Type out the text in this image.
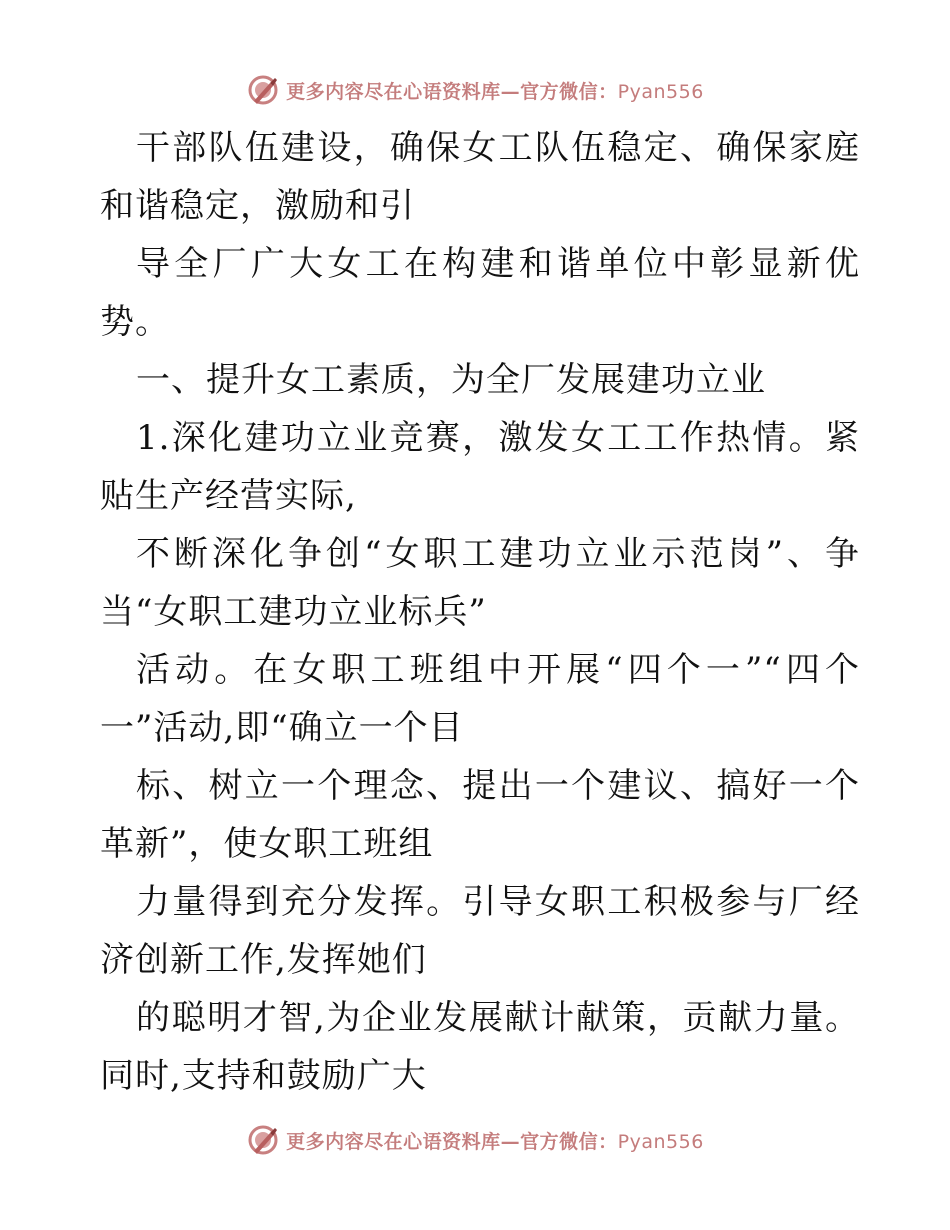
更多内容尽在心语资料库—官方微信：Pyan556

干部队伍建设，确保女工队伍稳定、确保家庭和谐稳定，激励和引

导全厂广大女工在构建和谐单位中彰显新优势。

一、提升女工素质，为全厂发展建功立业

1.深化建功立业竞赛，激发女工工作热情。紧贴生产经营实际,

不断深化争创“女职工建功立业示范岗”、争当“女职工建功立业标兵”

活动。在女职工班组中开展“四个一”“四个一”活动,即“确立一个目

标、树立一个理念、提出一个建议、搞好一个革新”，使女职工班组

力量得到充分发挥。引导女职工积极参与厂经济创新工作,发挥她们

的聪明才智,为企业发展献计献策，贡献力量。同时,支持和鼓励广大

更多内容尽在心语资料库—官方微信：Pyan556
